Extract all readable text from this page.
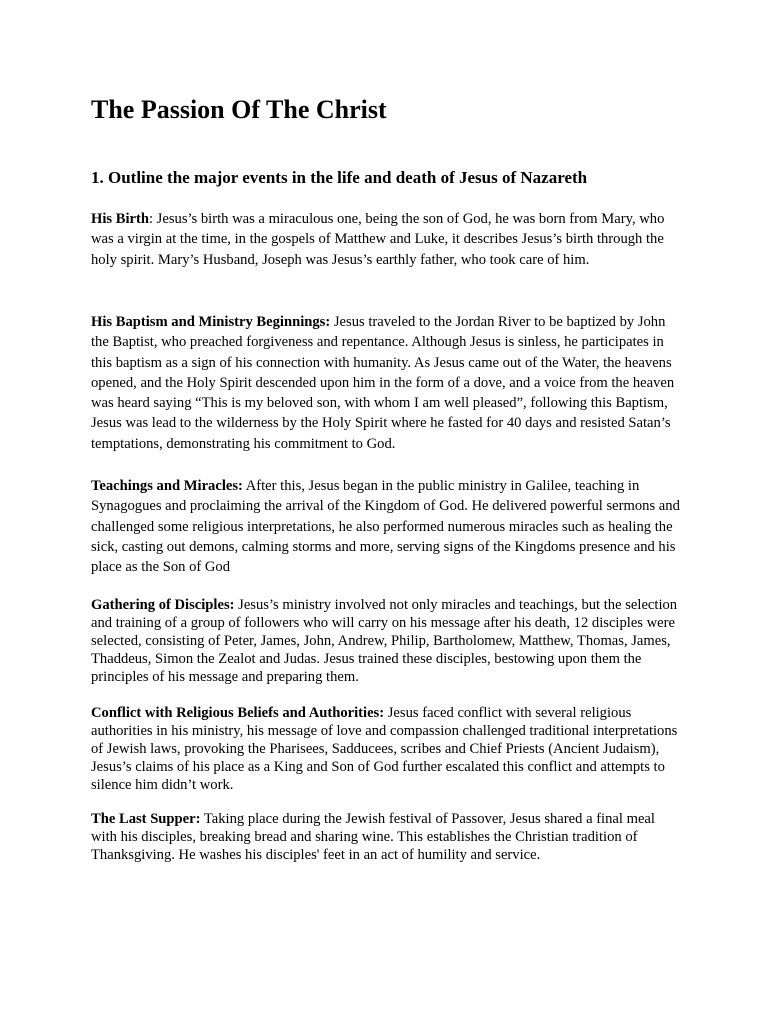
The Passion Of The Christ
1. Outline the major events in the life and death of Jesus of Nazareth

His Birth: Jesus’s birth was a miraculous one, being the son of God, he was born from Mary, who was a virgin at the time, in the gospels of Matthew and Luke, it describes Jesus’s birth through the holy spirit. Mary’s Husband, Joseph was Jesus’s earthly father, who took care of him.

His Baptism and Ministry Beginnings: Jesus traveled to the Jordan River to be baptized by John the Baptist, who preached forgiveness and repentance. Although Jesus is sinless, he participates in this baptism as a sign of his connection with humanity. As Jesus came out of the Water, the heavens opened, and the Holy Spirit descended upon him in the form of a dove, and a voice from the heaven was heard saying “This is my beloved son, with whom I am well pleased”, following this Baptism, Jesus was lead to the wilderness by the Holy Spirit where he fasted for 40 days and resisted Satan’s temptations, demonstrating his commitment to God.

Teachings and Miracles: After this, Jesus began in the public ministry in Galilee, teaching in Synagogues and proclaiming the arrival of the Kingdom of God. He delivered powerful sermons and challenged some religious interpretations, he also performed numerous miracles such as healing the sick, casting out demons, calming storms and more, serving signs of the Kingdoms presence and his place as the Son of God

Gathering of Disciples: Jesus’s ministry involved not only miracles and teachings, but the selection and training of a group of followers who will carry on his message after his death, 12 disciples were selected, consisting of Peter, James, John, Andrew, Philip, Bartholomew, Matthew, Thomas, James, Thaddeus, Simon the Zealot and Judas. Jesus trained these disciples, bestowing upon them the principles of his message and preparing them.

Conflict with Religious Beliefs and Authorities: Jesus faced conflict with several religious authorities in his ministry, his message of love and compassion challenged traditional interpretations of Jewish laws, provoking the Pharisees, Sadducees, scribes and Chief Priests (Ancient Judaism), Jesus’s claims of his place as a King and Son of God further escalated this conflict and attempts to silence him didn’t work.

The Last Supper: Taking place during the Jewish festival of Passover, Jesus shared a final meal with his disciples, breaking bread and sharing wine. This establishes the Christian tradition of Thanksgiving. He washes his disciples' feet in an act of humility and service.
